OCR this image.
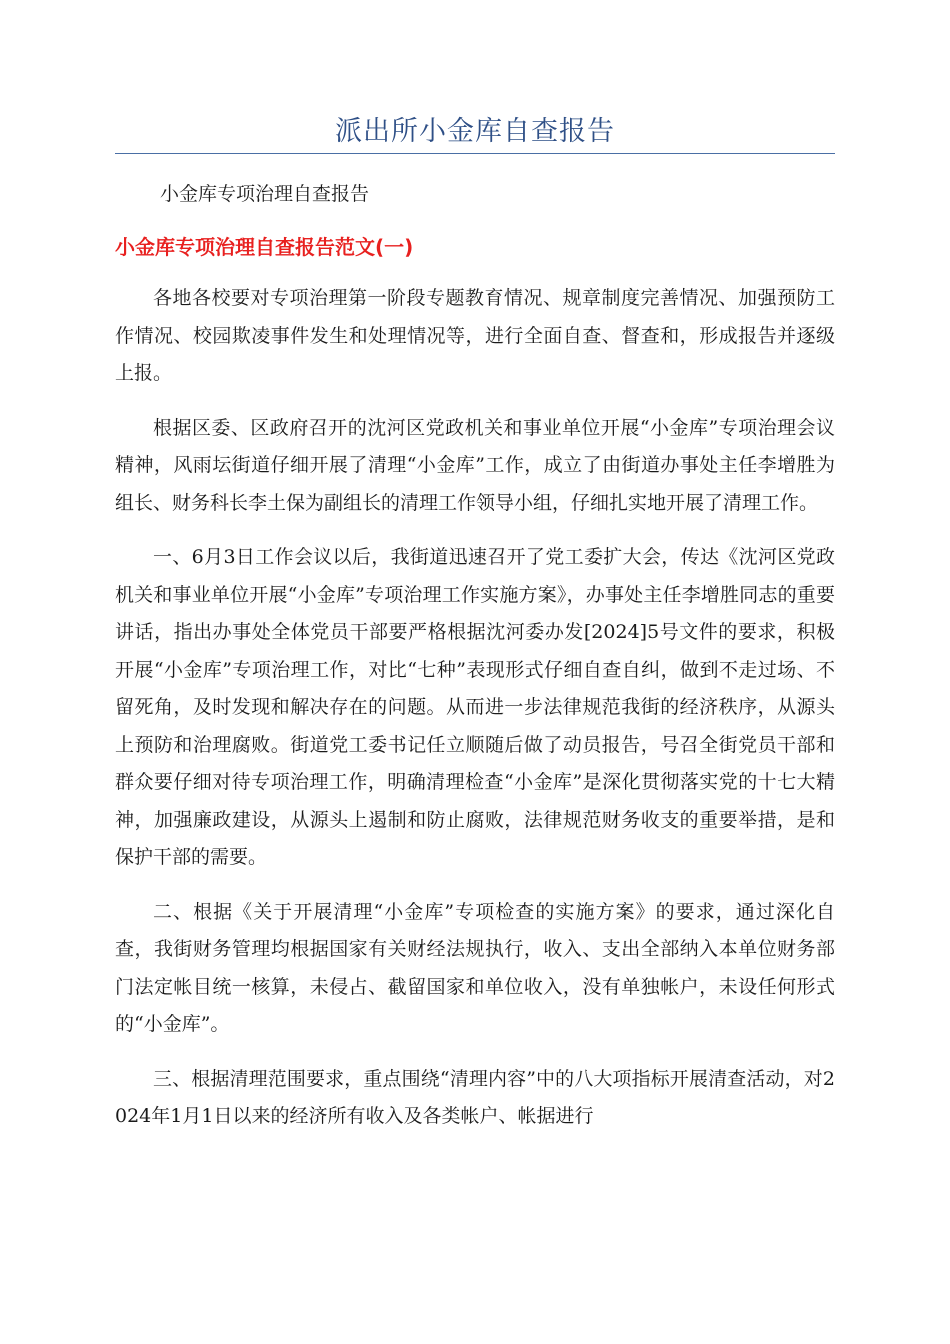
派出所小金库自查报告

小金库专项治理自查报告

小金库专项治理自查报告范文(一)

各地各校要对专项治理第一阶段专题教育情况、规章制度完善情况、加强预防工作情况、校园欺凌事件发生和处理情况等，进行全面自查、督查和，形成报告并逐级上报。

根据区委、区政府召开的沈河区党政机关和事业单位开展“小金库”专项治理会议精神，风雨坛街道仔细开展了清理“小金库”工作，成立了由街道办事处主任李增胜为组长、财务科长李土保为副组长的清理工作领导小组，仔细扎实地开展了清理工作。

一、6月3日工作会议以后，我街道迅速召开了党工委扩大会，传达《沈河区党政机关和事业单位开展“小金库”专项治理工作实施方案》，办事处主任李增胜同志的重要讲话，指出办事处全体党员干部要严格根据沈河委办发[2024]5号文件的要求，积极开展“小金库”专项治理工作，对比“七种”表现形式仔细自查自纠，做到不走过场、不留死角，及时发现和解决存在的问题。从而进一步法律规范我街的经济秩序，从源头上预防和治理腐败。街道党工委书记任立顺随后做了动员报告，号召全街党员干部和群众要仔细对待专项治理工作，明确清理检查“小金库”是深化贯彻落实党的十七大精神，加强廉政建设，从源头上遏制和防止腐败，法律规范财务收支的重要举措，是和保护干部的需要。

二、根据《关于开展清理“小金库”专项检查的实施方案》的要求，通过深化自查，我街财务管理均根据国家有关财经法规执行，收入、支出全部纳入本单位财务部门法定帐目统一核算，未侵占、截留国家和单位收入，没有单独帐户，未设任何形式的“小金库”。

三、根据清理范围要求，重点围绕“清理内容”中的八大项指标开展清查活动，对2024年1月1日以来的经济所有收入及各类帐户、帐据进行
